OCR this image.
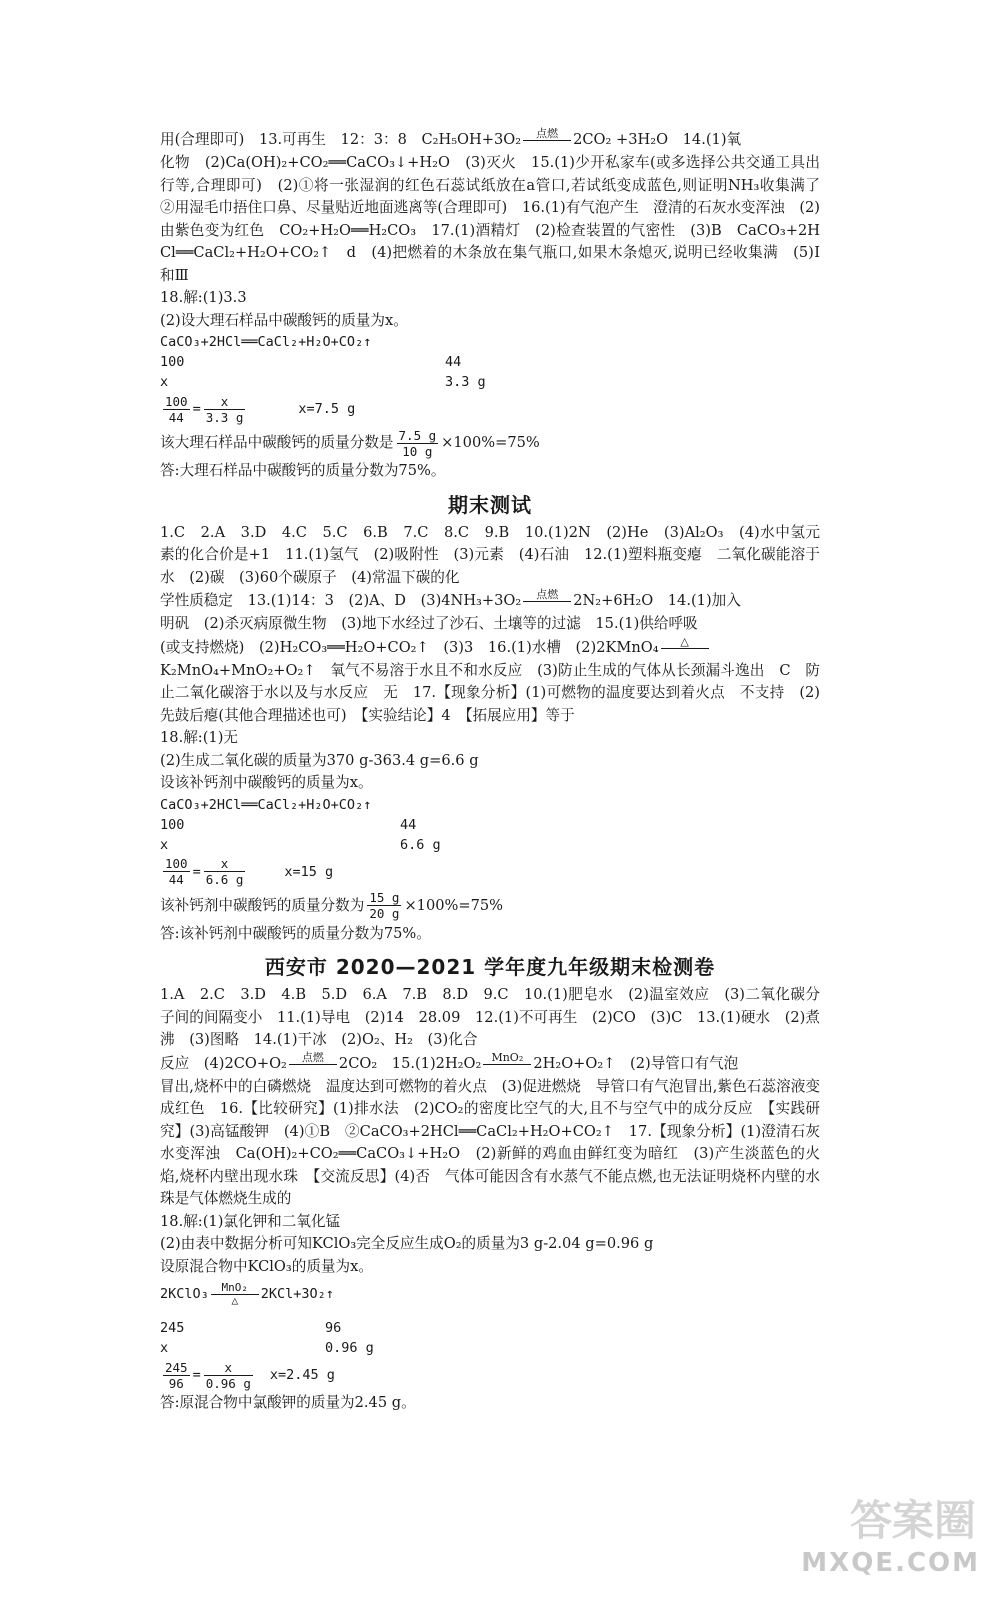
用(合理即可)　13.可再生　12：3：8　C₂H₅OH+3O₂	点燃	2CO₂ +3H₂O　14.(1)氧

化物　(2)Ca(OH)₂+CO₂══CaCO₃↓+H₂O　(3)灭火　15.(1)少开私家车(或多选择公共交通工具出行等,合理即可)　(2)①将一张湿润的红色石蕊试纸放在a管口,若试纸变成蓝色,则证明NH₃收集满了　②用湿毛巾捂住口鼻、尽量贴近地面逃离等(合理即可)　16.(1)有气泡产生　澄清的石灰水变浑浊　(2)由紫色变为红色　CO₂+H₂O══H₂CO₃　17.(1)酒精灯　(2)检查装置的气密性　(3)B　CaCO₃+2HCl══CaCl₂+H₂O+CO₂↑　d　(4)把燃着的木条放在集气瓶口,如果木条熄灭,说明已经收集满　(5)Ⅰ和Ⅲ

18.解:(1)3.3

(2)设大理石样品中碳酸钙的质量为x。

CaCO₃+2HCl══CaCl₂+H₂O+CO₂↑

100	44

x	3.3 g

$\frac{100}{44} = \frac{x}{3.3 g}$	x=7.5 g

该大理石样品中碳酸钙的质量分数是 $\frac{7.5 g}{10 g} \times 100\%=75\%$

答:大理石样品中碳酸钙的质量分数为75%。

期末测试

1.C　2.A　3.D　4.C　5.C　6.B　7.C　8.C　9.B　10.(1)2N　(2)He　(3)Al₂O₃　(4)水中氢元素的化合价是+1　11.(1)氢气　(2)吸附性　(3)元素　(4)石油　12.(1)塑料瓶变瘪　二氧化碳能溶于水　(2)碳　(3)60个碳原子　(4)常温下碳的化

学性质稳定　13.(1)14：3　(2)A、D　(3)4NH₃+3O₂	点燃	2N₂+6H₂O　14.(1)加入

明矾　(2)杀灭病原微生物　(3)地下水经过了沙石、土壤等的过滤　15.(1)供给呼吸

(或支持燃烧)　(2)H₂CO₃══H₂O+CO₂↑　(3)3　16.(1)水槽　(2)2KMnO₄	△

K₂MnO₄+MnO₂+O₂↑　氧气不易溶于水且不和水反应　(3)防止生成的气体从长颈漏斗逸出　C　防止二氧化碳溶于水以及与水反应　无　17.【现象分析】(1)可燃物的温度要达到着火点　不支持　(2)先鼓后瘪(其他合理描述也可)　【实验结论】4　【拓展应用】等于

18.解:(1)无

(2)生成二氧化碳的质量为370 g-363.4 g=6.6 g

设该补钙剂中碳酸钙的质量为x。

CaCO₃+2HCl══CaCl₂+H₂O+CO₂↑

100	44

x	6.6 g

$\frac{100}{44} = \frac{x}{6.6 g}$	x=15 g

该补钙剂中碳酸钙的质量分数为 $\frac{15 g}{20 g} \times 100\%=75\%$

答:该补钙剂中碳酸钙的质量分数为75%。

西安市 2020—2021 学年度九年级期末检测卷

1.A　2.C　3.D　4.B　5.D　6.A　7.B　8.D　9.C　10.(1)肥皂水　(2)温室效应　(3)二氧化碳分子间的间隔变小　11.(1)导电　(2)14　28.09　12.(1)不可再生　(2)CO　(3)C　13.(1)硬水　(2)煮沸　(3)图略　14.(1)干冰　(2)O₂、H₂　(3)化合

反应　(4)2CO+O₂	点燃	2CO₂　15.(1)2H₂O₂ MnO₂ 2H₂O+O₂↑　(2)导管口有气泡

冒出,烧杯中的白磷燃烧　温度达到可燃物的着火点　(3)促进燃烧　导管口有气泡冒出,紫色石蕊溶液变成红色　16.【比较研究】(1)排水法　(2)CO₂的密度比空气的大,且不与空气中的成分反应　【实践研究】(3)高锰酸钾　(4)①B　②CaCO₃+2HCl══CaCl₂+H₂O+CO₂↑　17.【现象分析】(1)澄清石灰水变浑浊　Ca(OH)₂+CO₂══CaCO₃↓+H₂O　(2)新鲜的鸡血由鲜红变为暗红　(3)产生淡蓝色的火焰,烧杯内壁出现水珠　【交流反思】(4)否　气体可能因含有水蒸气不能点燃,也无法证明烧杯内壁的水珠是气体燃烧生成的

18.解:(1)氯化钾和二氧化锰

(2)由表中数据分析可知KClO₃完全反应生成O₂的质量为3 g-2.04 g=0.96 g

设原混合物中KClO₃的质量为x。

2KClO₃	MnO₂
△	2KCl+3O₂↑

245	96

x	0.96 g

$\frac{245}{96} = \frac{x}{0.96 g} x=2.45$ g

答:原混合物中氯酸钾的质量为2.45 g。

答案圈
MXQE.COM
